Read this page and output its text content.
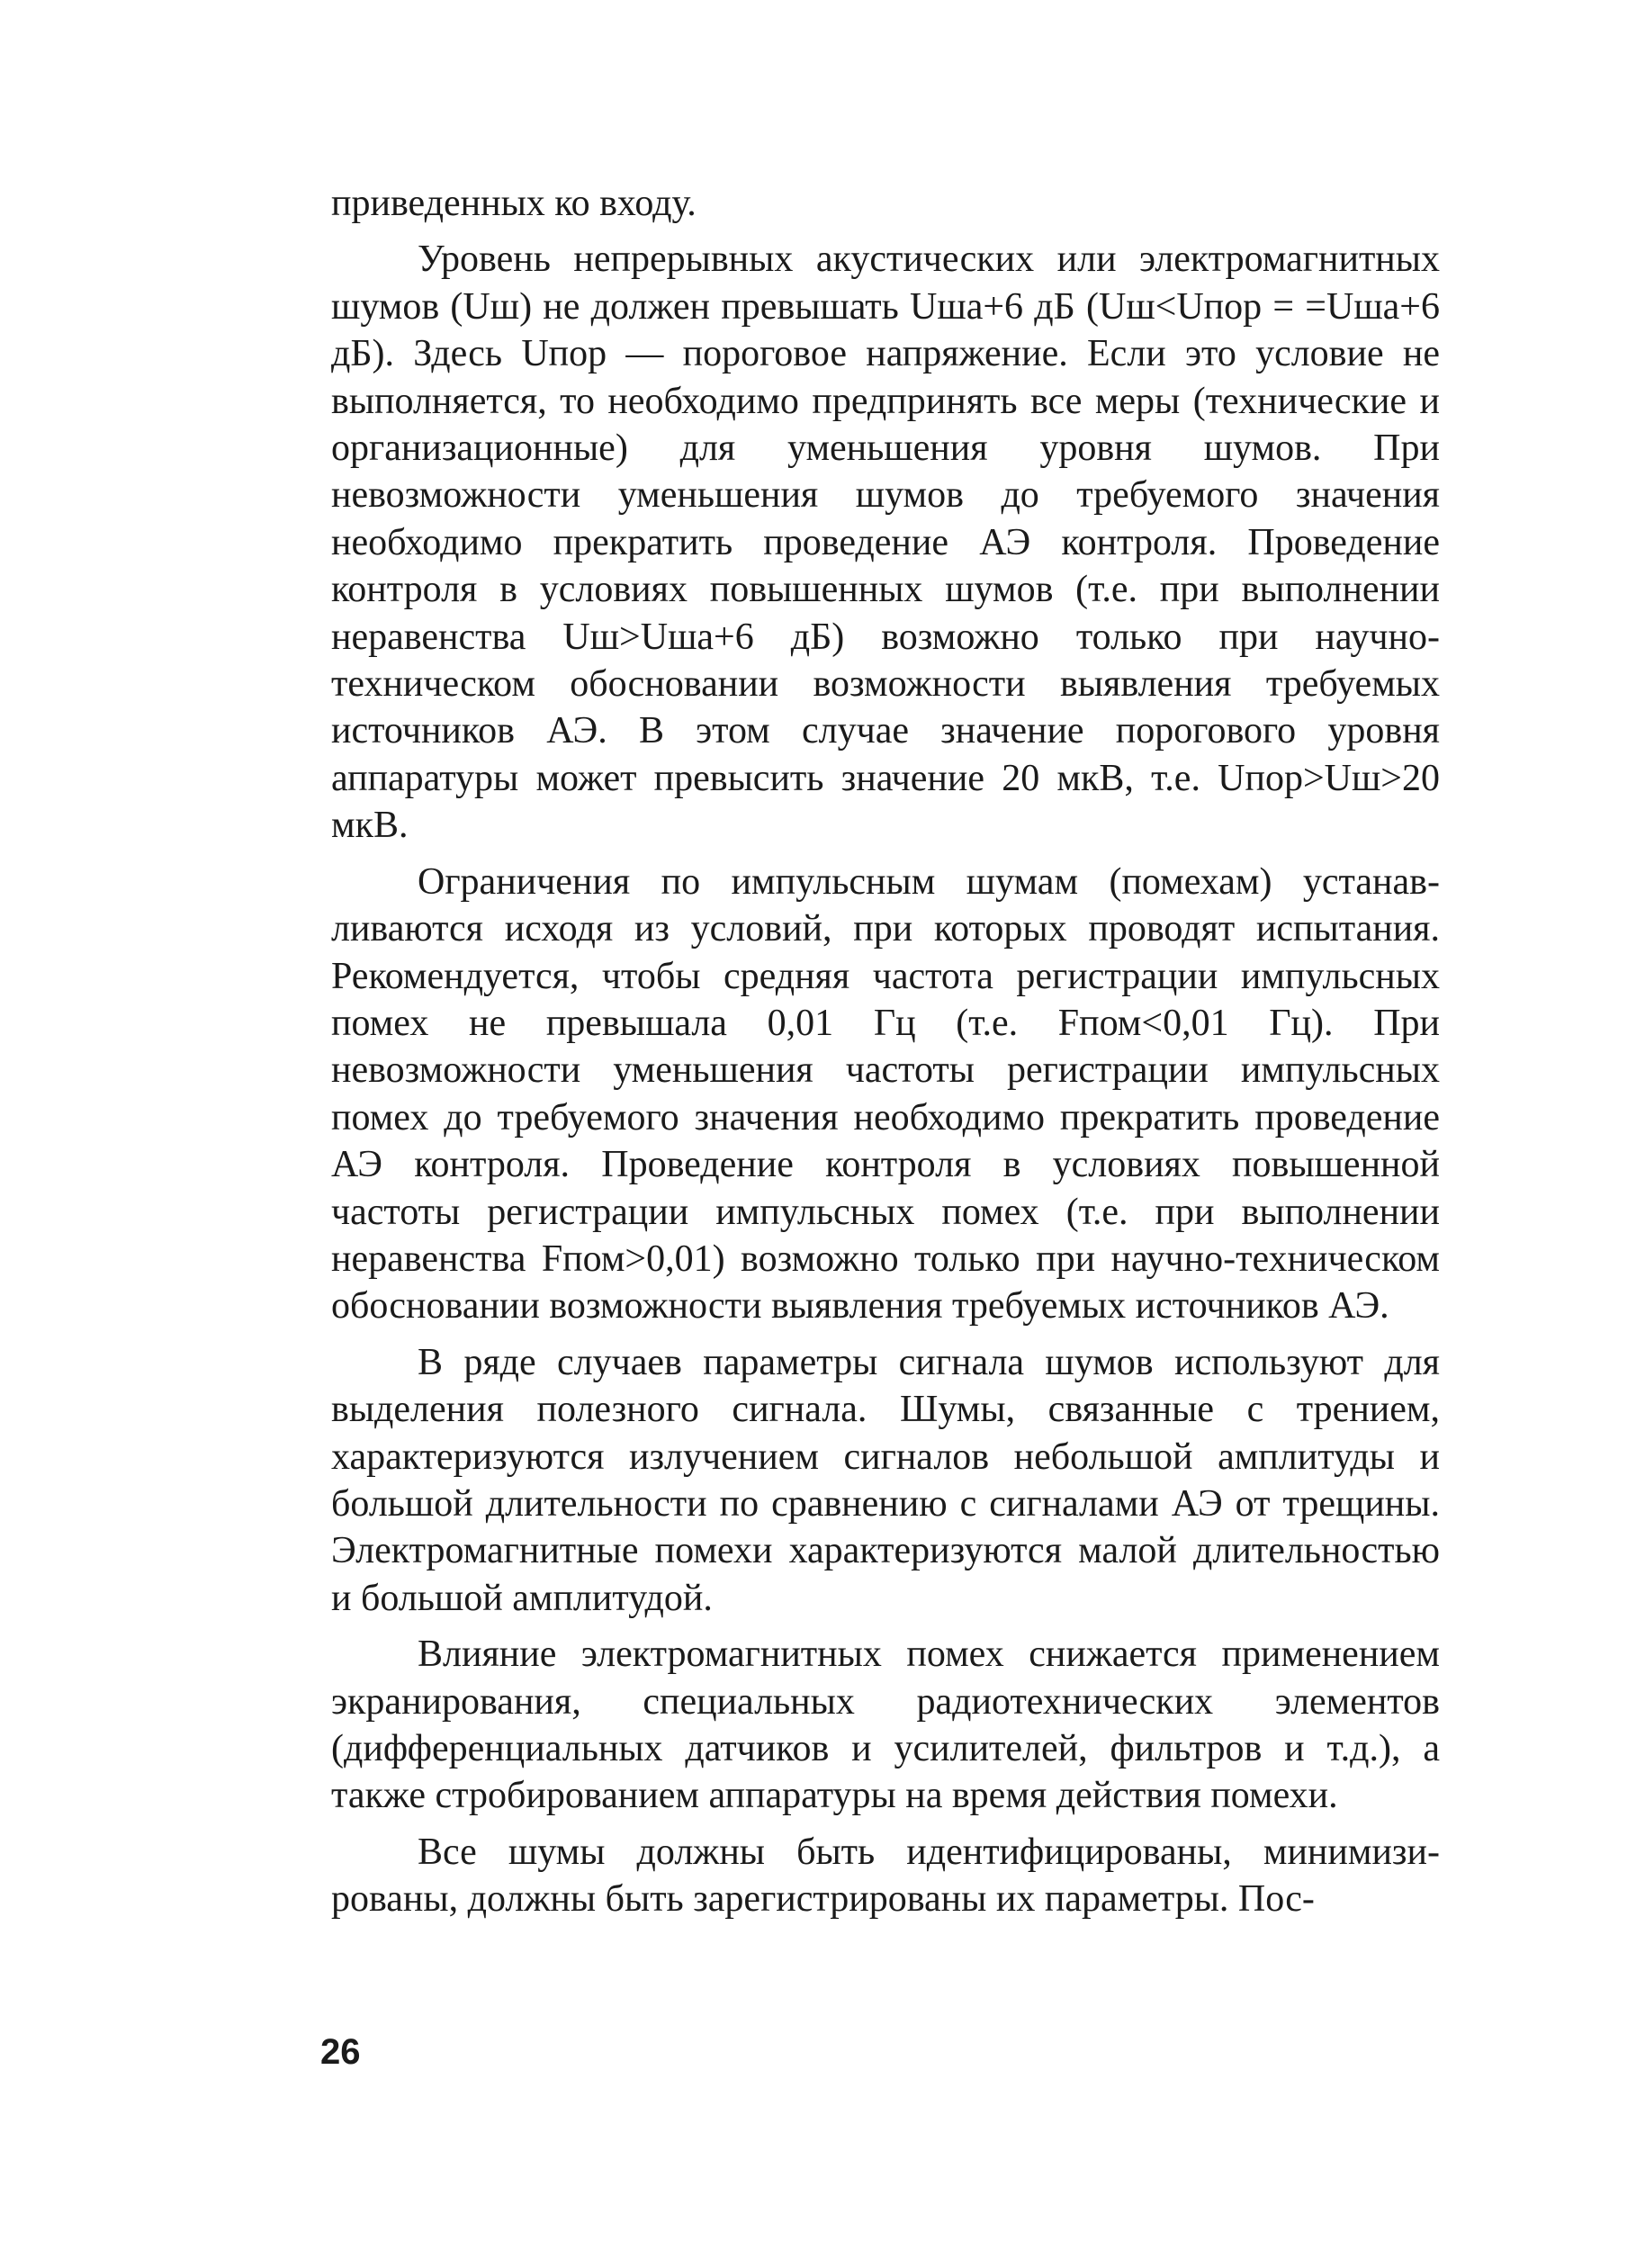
приведенных ко входу.

Уровень непрерывных акустических или электромагнитных шумов (Uш) не должен превышать Uша+6 дБ (Uш<Uпор = =Uша+6 дБ). Здесь Uпор — пороговое напряжение. Если это условие не выполняется, то необходимо предпринять все меры (технические и организационные) для уменьшения уровня шумов. При невозможности уменьшения шумов до требуемого значения необходимо прекратить проведение АЭ контроля. Проведение контроля в условиях повышенных шумов (т.е. при выполнении неравенства Uш>Uша+6 дБ) возможно только при научно-техническом обосновании возможности выявления требуемых источников АЭ. В этом случае значение порогового уровня аппаратуры может превысить значение 20 мкВ, т.е. Uпор>Uш>20 мкВ.

Ограничения по импульсным шумам (помехам) устанавливаются исходя из условий, при которых проводят испытания. Рекомендуется, чтобы средняя частота регистрации импульсных помех не превышала 0,01 Гц (т.е. Fпом<0,01 Гц). При невозможности уменьшения частоты регистрации импульсных помех до требуемого значения необходимо прекратить проведение АЭ контроля. Проведение контроля в условиях повышенной частоты регистрации импульсных помех (т.е. при выполнении неравенства Fпом>0,01) возможно только при научно-техническом обосновании возможности выявления требуемых источников АЭ.

В ряде случаев параметры сигнала шумов используют для выделения полезного сигнала. Шумы, связанные с трением, характеризуются излучением сигналов небольшой амплитуды и большой длительности по сравнению с сигналами АЭ от трещины. Электромагнитные помехи характеризуются малой длительностью и большой амплитудой.

Влияние электромагнитных помех снижается применением экранирования, специальных радиотехнических элементов (дифференциальных датчиков и усилителей, фильтров и т.д.), а также стробированием аппаратуры на время действия помехи.

Все шумы должны быть идентифицированы, минимизированы, должны быть зарегистрированы их параметры. Пос-

26
